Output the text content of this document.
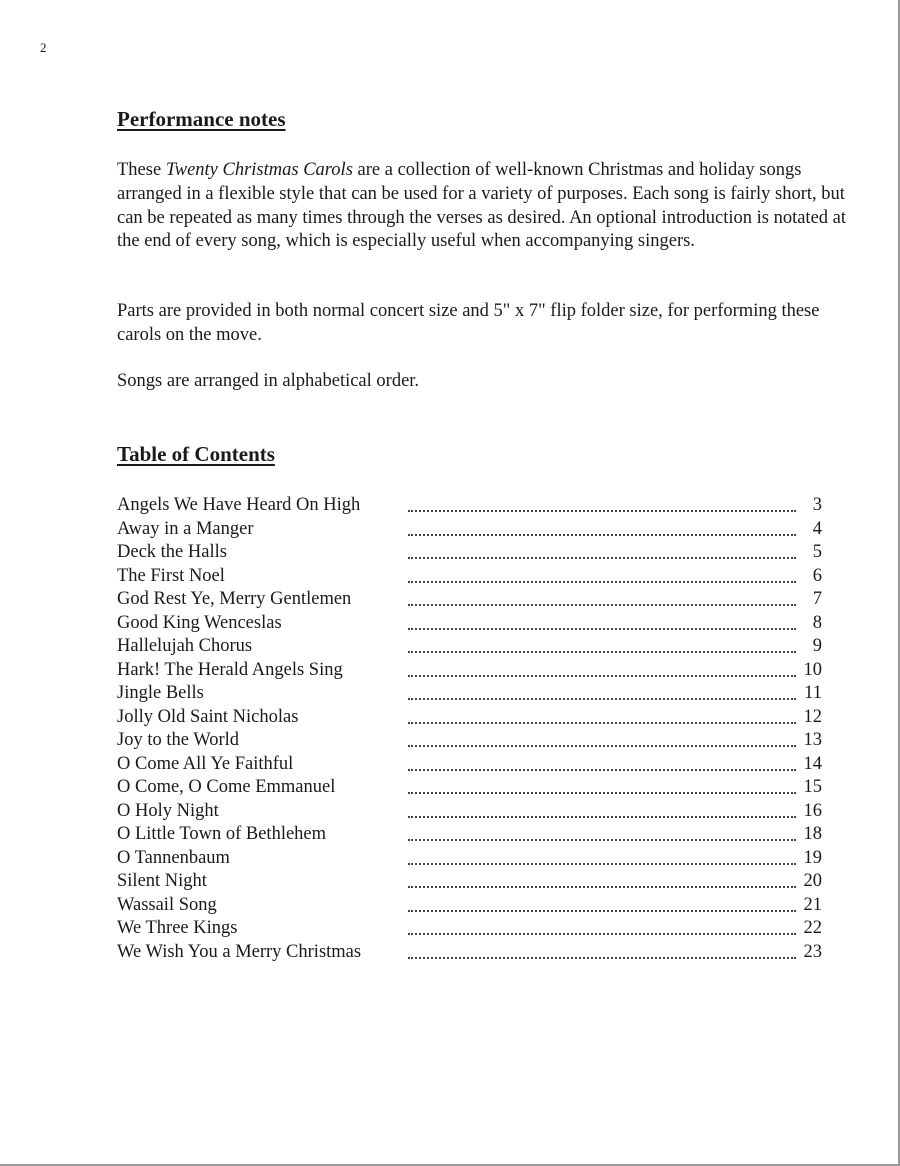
2
Performance notes

These Twenty Christmas Carols are a collection of well-known Christmas and holiday songs arranged in a flexible style that can be used for a variety of purposes. Each song is fairly short, but can be repeated as many times through the verses as desired. An optional introduction is notated at the end of every song, which is especially useful when accompanying singers.

Parts are provided in both normal concert size and 5" x 7" flip folder size, for performing these carols on the move.

Songs are arranged in alphabetical order.

Table of Contents
Angels We Have Heard On High	3
Away in a Manger	4
Deck the Halls	5
The First Noel	6
God Rest Ye, Merry Gentlemen	7
Good King Wenceslas	8
Hallelujah Chorus	9
Hark! The Herald Angels Sing	10
Jingle Bells	11
Jolly Old Saint Nicholas	12
Joy to the World	13
O Come All Ye Faithful	14
O Come, O Come Emmanuel	15
O Holy Night	16
O Little Town of Bethlehem	18
O Tannenbaum	19
Silent Night	20
Wassail Song	21
We Three Kings	22
We Wish You a Merry Christmas	23
